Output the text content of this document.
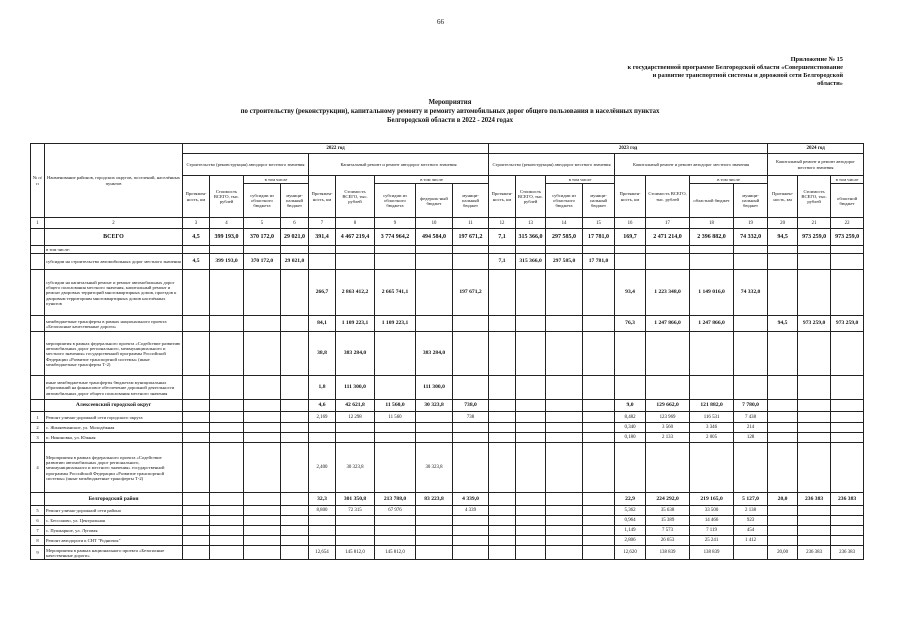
66
Приложение № 15
к государственной программе Белгородской области «Совершенствование
и развитие транспортной системы и дорожной сети Белгородской
области»
Мероприятия
по строительству (реконструкции), капитальному ремонту и ремонту автомобильных дорог общего пользования в населённых пунктах
Белгородской области в 2022 - 2024 годах
№ п/п	Наименование районов, городских округов, поселений, населённых пунктов	2022 год									2023 год								2024 год		
		Строительство (реконструкция) автодорог местного значения				Капитальный ремонт и ремонт автодорог местного значения					Строительство (реконструкция) автодорог местного значения				Капитальный ремонт и ремонт автодорог местного значения				Капитальный ремонт и ремонт автодорог местного значения		
		Протяжен-ность, км	Стоимость ВСЕГО, тыс. рублей	в том числе		Протяжен-ность, км	Стоимость ВСЕГО, тыс. рублей	в том числе			Протяжен-ность, км	Стоимость ВСЕГО, тыс. рублей	в том числе		Протяжен-ность, км	Стоимость ВСЕГО, тыс. рублей	в том числе		Протяжен-ность, км	Стоимость ВСЕГО, тыс. рублей	в том числе
				субсидии из областного бюджета	муници-пальный бюджет			субсидии из областного бюджета	федераль-ный бюджет	муници-пальный бюджет			субсидии из областного бюджета	муници-пальный бюджет			областной бюджет	муници-пальный бюджет			областной бюджет
1	2	3	4	5	6	7	8	9	10	11	12	13	14	15	16	17	18	19	20	21	22
	ВСЕГО	4,5	399 193,0	370 172,0	29 021,0	391,4	4 467 219,4	3 774 964,2	494 584,0	197 671,2	7,1	315 366,0	297 585,0	17 781,0	169,7	2 471 214,0	2 396 882,0	74 332,0	94,5	973 259,0	973 259,0
	в том числе:																				
	субсидии на строительство автомобильных дорог местного значения	4,5	399 193,0	370 172,0	29 021,0						7,1	315 366,0	297 585,0	17 781,0							
	субсидии на капитальный ремонт и ремонт автомобильных дорог общего пользования местного значения, капитальный ремонт и ремонт дворовых территорий многоквартирных домов, проездов к дворовым территориям многоквартирных домов населённых пунктов					266,7	2 863 412,2	2 665 741,1		197 671,2					93,4	1 223 348,0	1 149 016,0	74 332,0			
	межбюджетные трансферты в рамках национального проекта «Безопасные качественные дороги»					84,1	1 109 223,1	1 109 223,1							76,3	1 247 866,0	1 247 866,0		94,5	973 259,0	973 259,0
	мероприятия в рамках федерального проекта «Содействие развитию автомобильных дорог регионального, межмуниципального и местного значения» государственной программы Российской Федерации «Развитие транспортной системы» (иные межбюджетные трансферты Т-2)					38,8	383 284,0		383 284,0												
	иные межбюджетные трансферты бюджетам муниципальных образований на финансовое обеспечение дорожной деятельности автомобильных дорог общего пользования местного значения					1,8	111 300,0		111 300,0												
	Алексеевский городской округ					4,6	42 621,8	11 560,0	30 323,8	738,0					9,0	129 662,0	121 882,0	7 780,0			
1	Ремонт улично-дорожной сети городского округа					2,169	12 298	11 560		738					8,482	123 969	116 531	7 438			
2	с. Жиляевчанское, ул. Молодёжная														0,340	3 560	3 346	214			
3	п. Никоновка, ул. Южная														0,180	2 133	2 005	128			
4	Мероприятия в рамках федерального проекта «Содействие развитию автомобильных дорог регионального, межмуниципального и местного значения» государственной программы Российской Федерации «Развитие транспортной системы» (иные межбюджетные трансферты Т-2)					2,400	30 323,8		30 323,8												
	Белгородский район					32,3	301 350,8	213 788,0	83 223,8	4 339,0					22,9	224 292,0	219 165,0	5 127,0	20,0	236 383	236 383
5	Ремонт улично-дорожной сети района					8,800	72 315	67 976		4 339					5,362	35 638	33 500	2 138			
6	с. Бессоново, ул. Центральная														0,964	15 389	14 466	923			
7	с. Пушкарное, ул. Луговая														1,149	7 573	7 119	454			
8	Ремонт автодороги к СНТ "Родничок"														2,806	26 653	25 241	1 412			
9	Мероприятия в рамках национального проекта «Безопасные качественные дороги»					12,654	145 812,0	145 812,0							12,620	138 839	138 839		20,00	236 383	236 383
